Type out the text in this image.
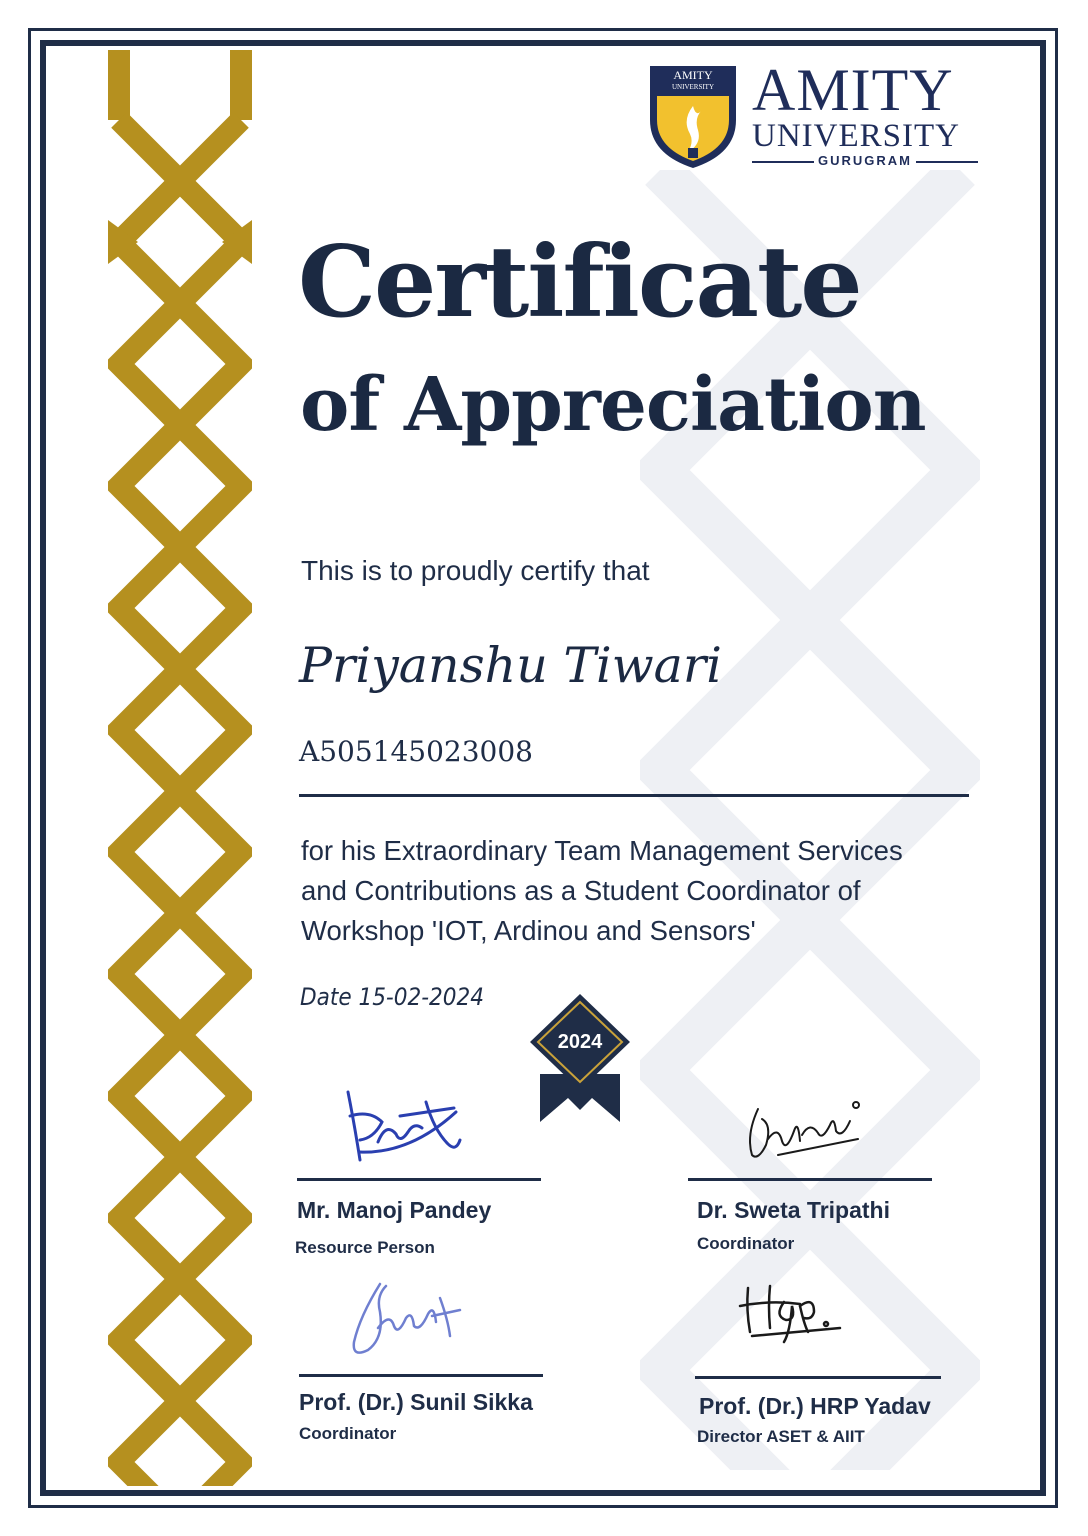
AMITY
UNIVERSITY AMITY
UNIVERSITY
GURUGRAM
Certificate
of Appreciation
This is to proudly certify that
Priyanshu Tiwari
A505145023008
for his Extraordinary Team Management Services
and Contributions as a Student Coordinator of
Workshop 'IOT, Ardinou and Sensors'
Date 15-02-2024
2024
Mr. Manoj Pandey
Resource Person
Dr. Sweta Tripathi
Coordinator
Prof. (Dr.) Sunil Sikka
Coordinator
Prof. (Dr.) HRP Yadav
Director ASET & AIIT
